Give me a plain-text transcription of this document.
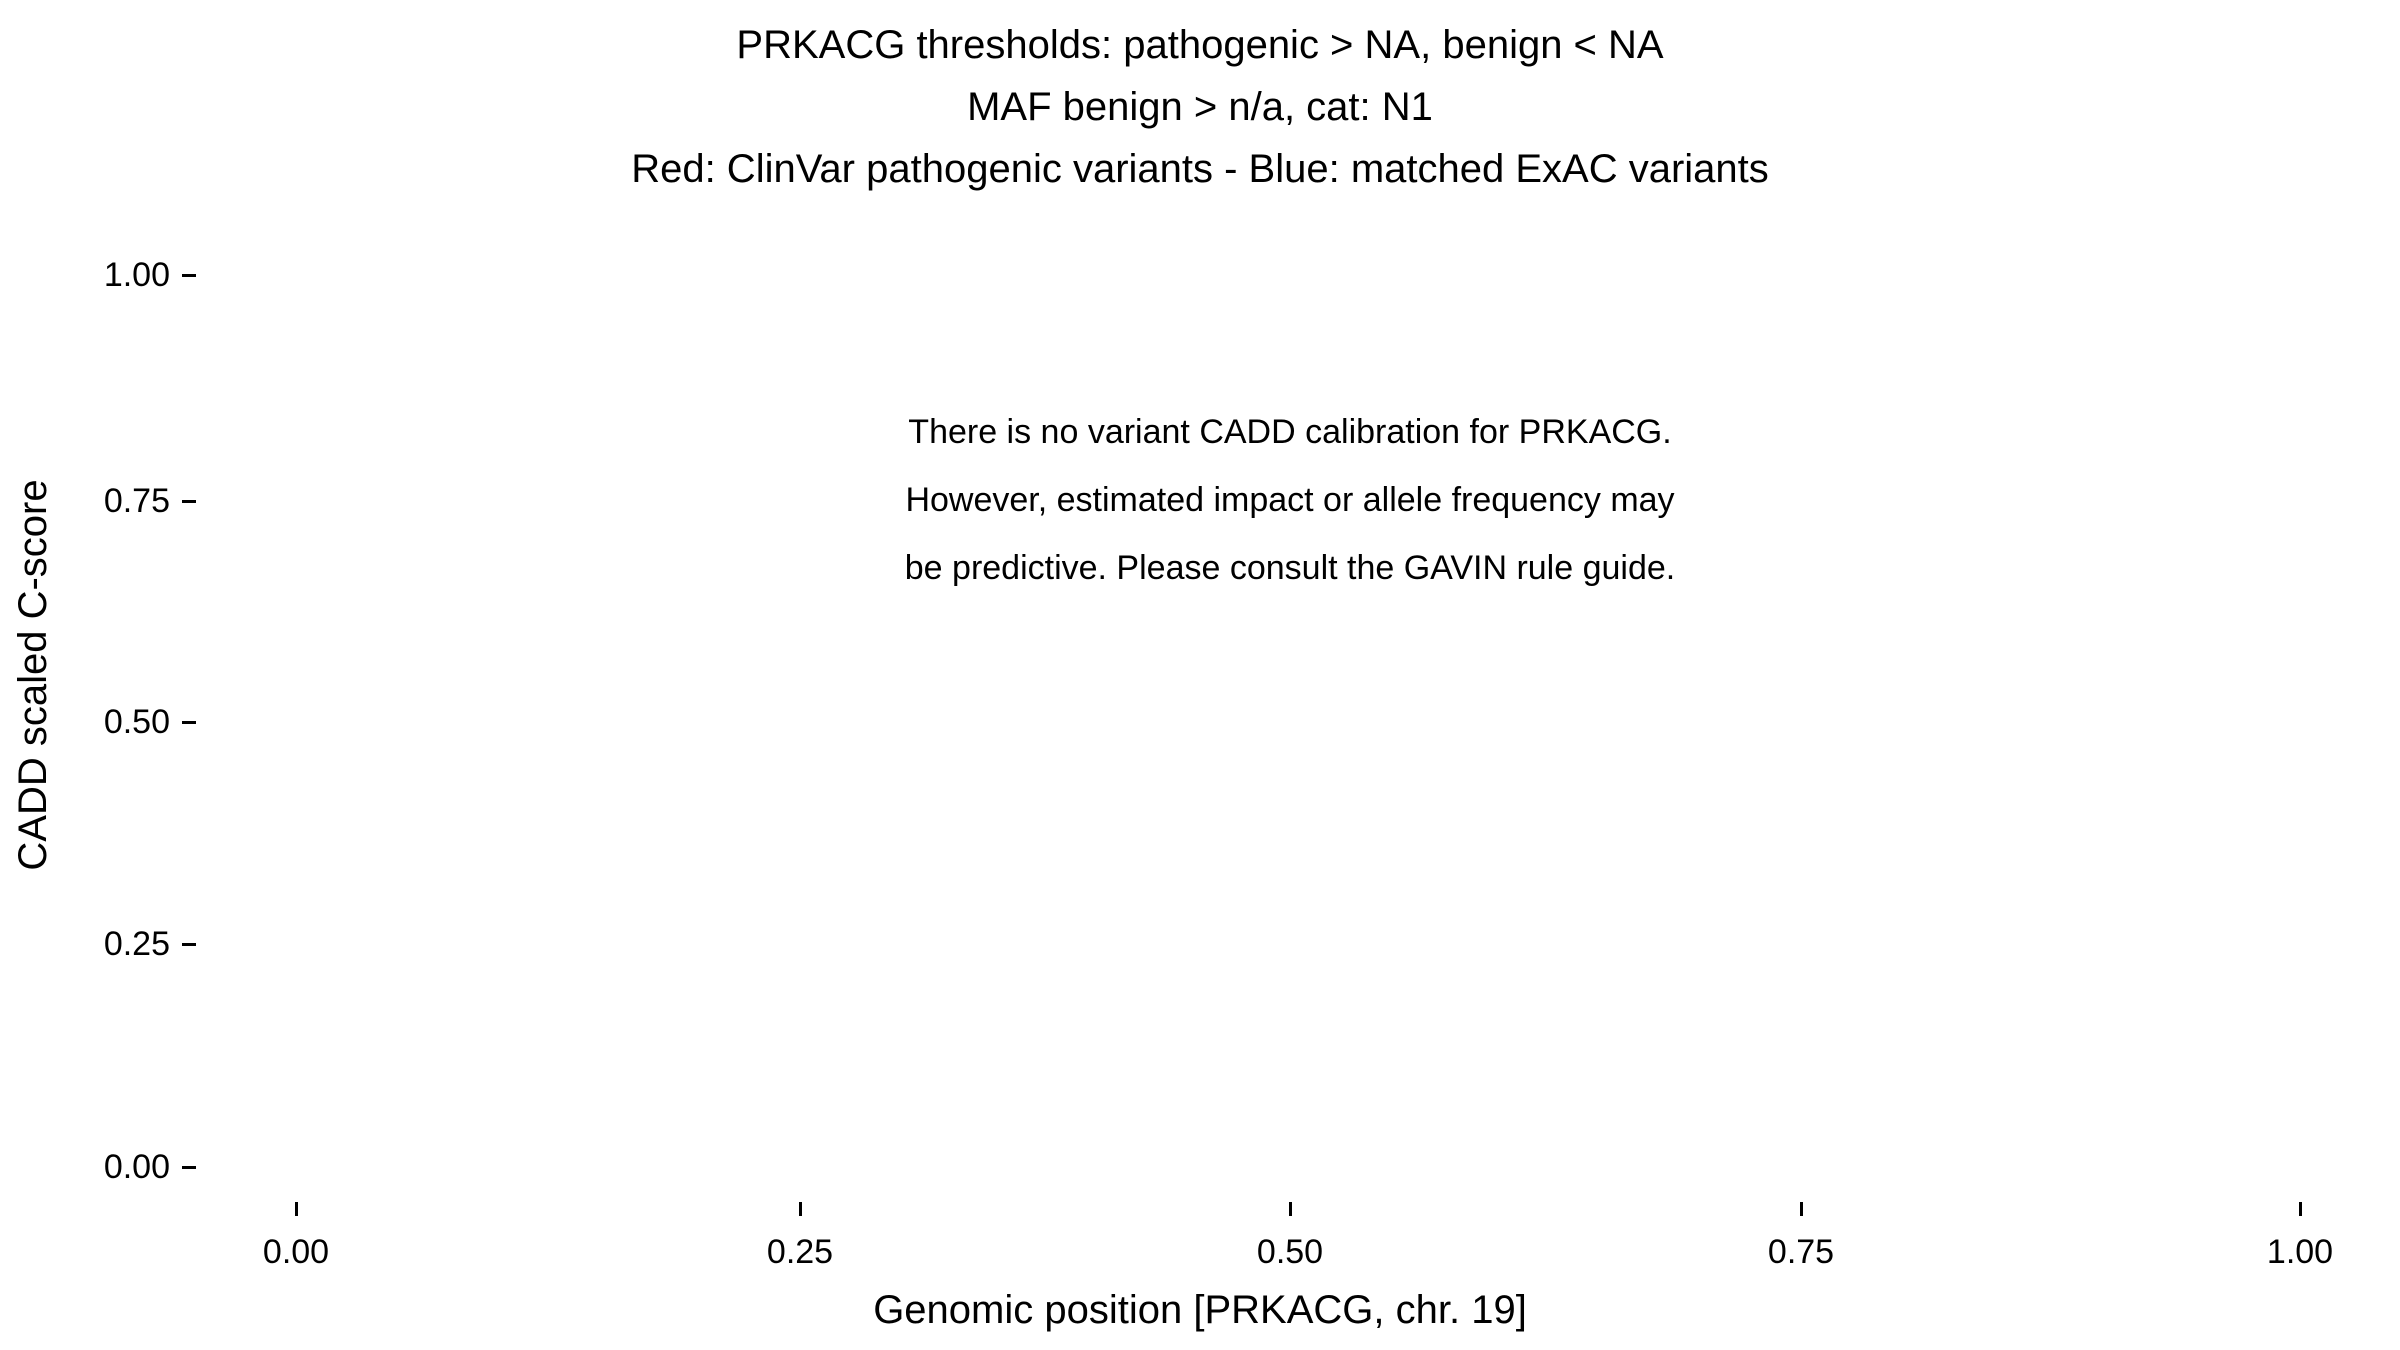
PRKACG thresholds: pathogenic > NA, benign < NA
MAF benign > n/a, cat: N1
Red: ClinVar pathogenic variants - Blue: matched ExAC variants
CADD scaled C-score
Genomic position [PRKACG, chr. 19]
1.00
0.75
0.50
0.25
0.00
0.00	0.25	0.50	0.75	1.00
There is no variant CADD calibration for PRKACG.
However, estimated impact or allele frequency may
be predictive. Please consult the GAVIN rule guide.
